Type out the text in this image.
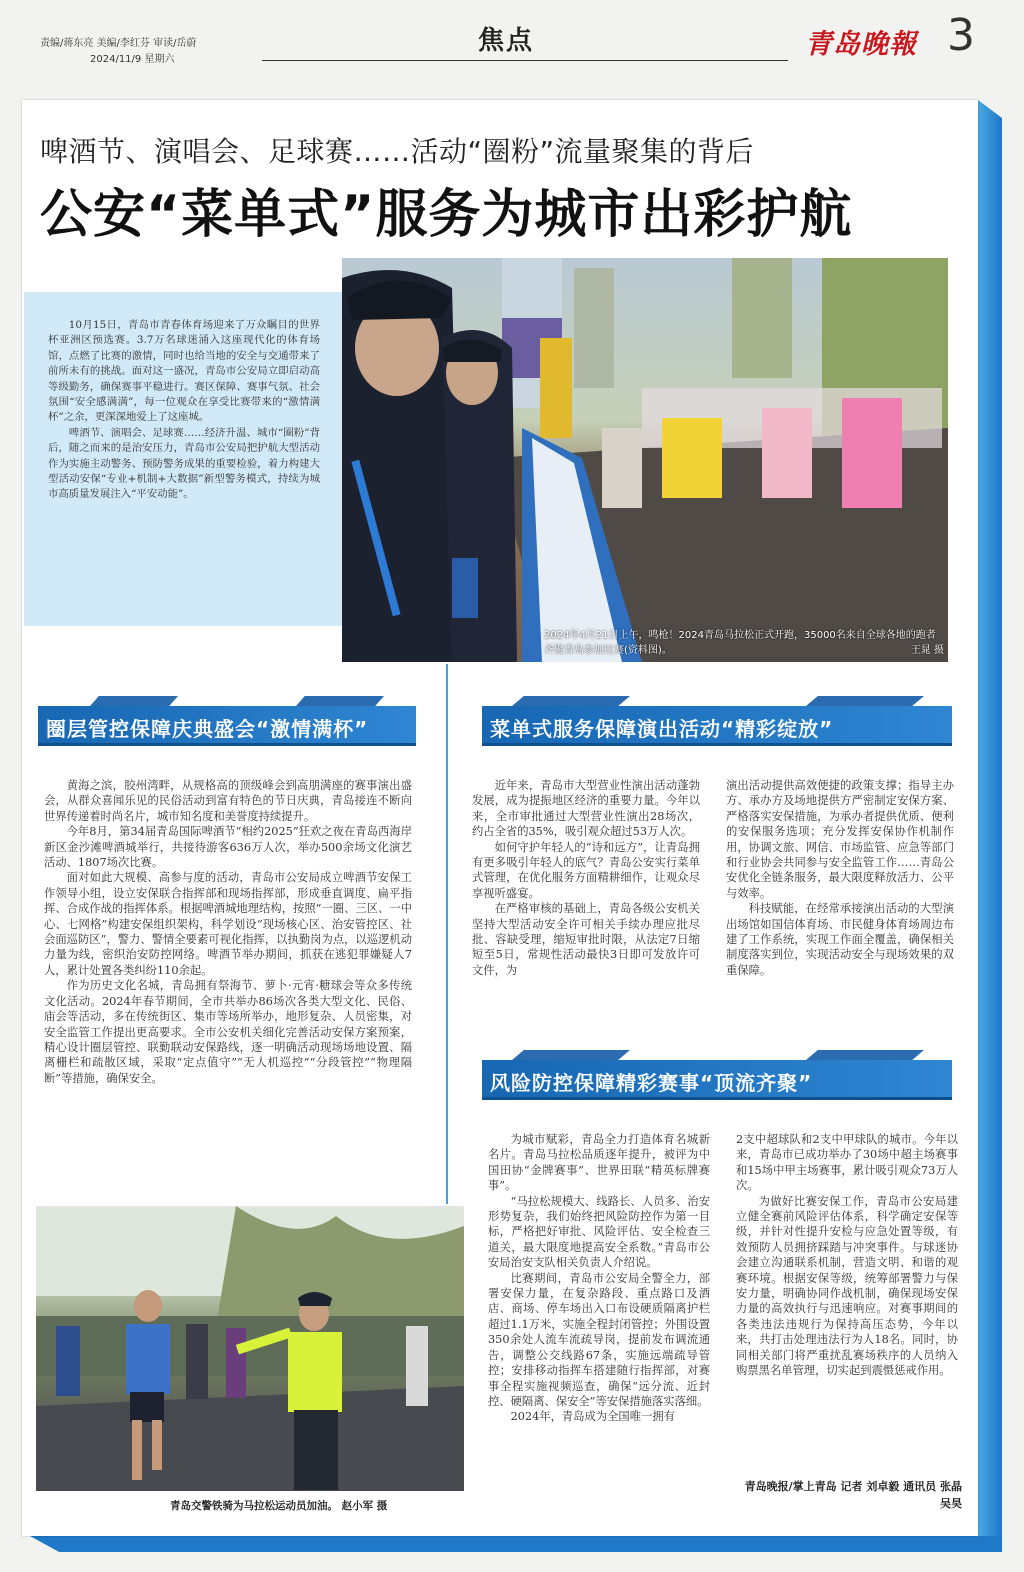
责编/蒋东亮 美编/李红芬 审读/岳蔚
2024/11/9 星期六
焦点	青岛晚報 3
啤酒节、演唱会、足球赛……活动“圈粉”流量聚集的背后
公安“菜单式”服务为城市出彩护航

10月15日，青岛市青春体育场迎来了万众瞩目的世界杯亚洲区预选赛。3.7万名球迷涌入这座现代化的体育场馆，点燃了比赛的激情，同时也给当地的安全与交通带来了前所未有的挑战。面对这一盛况，青岛市公安局立即启动高等级勤务，确保赛事平稳进行。赛区保障、赛事气氛、社会氛围“安全感满满”，每一位观众在享受比赛带来的“激情满杯”之余，更深深地爱上了这座城。

啤酒节、演唱会、足球赛……经济升温、城市“圈粉”背后，随之而来的是治安压力，青岛市公安局把护航大型活动作为实施主动警务、预防警务成果的重要检验，着力构建大型活动安保“专业+机制+大数据”新型警务模式，持续为城市高质量发展注入“平安动能”。

2024年4月21日上午，鸣枪！2024青岛马拉松正式开跑，35000名来自全球各地的跑者齐聚青岛参加比赛(资料图)。	王晁 摄
圈层管控保障庆典盛会“激情满杯”	菜单式服务保障演出活动“精彩绽放”

黄海之滨，胶州湾畔，从规格高的顶级峰会到高朋满座的赛事演出盛会，从群众喜闻乐见的民俗活动到富有特色的节日庆典，青岛接连不断向世界传递着时尚名片，城市知名度和美誉度持续提升。

今年8月，第34届青岛国际啤酒节“相约2025”狂欢之夜在青岛西海岸新区金沙滩啤酒城举行，共接待游客636万人次，举办500余场文化演艺活动、1807场次比赛。

面对如此大规模、高参与度的活动，青岛市公安局成立啤酒节安保工作领导小组，设立安保联合指挥部和现场指挥部，形成垂直调度、扁平指挥、合成作战的指挥体系。根据啤酒城地理结构，按照“一圈、三区、一中心、七网格”构建安保组织架构，科学划设“现场核心区、治安管控区、社会面巡防区”，警力、警情全要素可视化指挥，以执勤岗为点，以巡逻机动力量为线，密织治安防控网络。啤酒节举办期间，抓获在逃犯罪嫌疑人7人，累计处置各类纠纷110余起。

作为历史文化名城，青岛拥有祭海节、萝卜·元宵·糖球会等众多传统文化活动。2024年春节期间，全市共举办86场次各类大型文化、民俗、庙会等活动，多在传统街区、集市等场所举办，地形复杂、人员密集，对安全监管工作提出更高要求。全市公安机关细化完善活动安保方案预案，精心设计圈层管控、联勤联动安保路线，逐一明确活动现场场地设置、隔离栅栏和疏散区域，采取“定点值守”“无人机巡控”“分段管控”“物理隔断”等措施，确保安全。

近年来，青岛市大型营业性演出活动蓬勃发展，成为提振地区经济的重要力量。今年以来，全市审批通过大型营业性演出28场次，约占全省的35%，吸引观众超过53万人次。

如何守护年轻人的“诗和远方”，让青岛拥有更多吸引年轻人的底气？青岛公安实行菜单式管理，在优化服务方面精耕细作，让观众尽享视听盛宴。

在严格审核的基础上，青岛各级公安机关坚持大型活动安全许可相关手续办理应批尽批、容缺受理，缩短审批时限，从法定7日缩短至5日，常规性活动最快3日即可发放许可文件，为

演出活动提供高效便捷的政策支撑；指导主办方、承办方及场地提供方严密制定安保方案、严格落实安保措施，为承办者提供优质、便利的安保服务选项；充分发挥安保协作机制作用，协调文旅、网信、市场监管、应急等部门和行业协会共同参与安全监管工作……青岛公安优化全链条服务，最大限度释放活力、公平与效率。

科技赋能，在经常承接演出活动的大型演出场馆如国信体育场、市民健身体育场周边布建了工作系统，实现工作面全覆盖，确保相关制度落实到位，实现活动安全与现场效果的双重保障。

风险防控保障精彩赛事“顶流齐聚”

为城市赋彩，青岛全力打造体育名城新名片。青岛马拉松品质逐年提升，被评为中国田协“金牌赛事”、世界田联“精英标牌赛事”。

“马拉松规模大、线路长、人员多、治安形势复杂，我们始终把风险防控作为第一目标，严格把好审批、风险评估、安全检查三道关，最大限度地提高安全系数。”青岛市公安局治安支队相关负责人介绍说。

比赛期间，青岛市公安局全警全力，部署安保力量，在复杂路段、重点路口及酒店、商场、停车场出入口布设硬质隔离护栏超过1.1万米，实施全程封闭管控；外围设置350余处人流车流疏导岗，提前发布调流通告，调整公交线路67条，实施远端疏导管控；安排移动指挥车搭建随行指挥部，对赛事全程实施视频巡查，确保“远分流、近封控、硬隔离、保安全”等安保措施落实落细。

2024年，青岛成为全国唯一拥有

2支中超球队和2支中甲球队的城市。今年以来，青岛市已成功举办了30场中超主场赛事和15场中甲主场赛事，累计吸引观众73万人次。

为做好比赛安保工作，青岛市公安局建立健全赛前风险评估体系，科学确定安保等级，并针对性提升安检与应急处置等级，有效预防人员拥挤踩踏与冲突事件。与球迷协会建立沟通联系机制，营造文明、和谐的观赛环境。根据安保等级，统筹部署警力与保安力量，明确协同作战机制，确保现场安保力量的高效执行与迅速响应。对赛事期间的各类违法违规行为保持高压态势，今年以来，共打击处理违法行为人18名。同时，协同相关部门将严重扰乱赛场秩序的人员纳入购票黑名单管理，切实起到震慑惩戒作用。

青岛晚报/掌上青岛 记者 刘卓毅 通讯员 张晶 吴昊
青岛交警铁骑为马拉松运动员加油。 赵小军 摄
